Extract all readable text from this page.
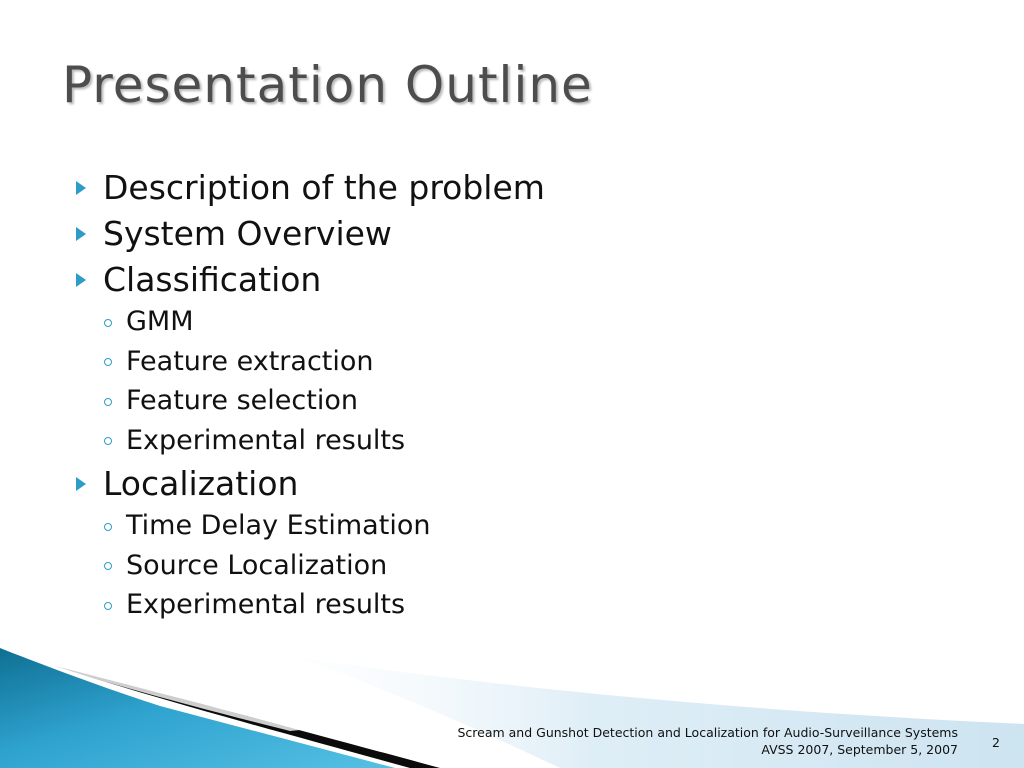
Presentation Outline
Description of the problem
System Overview
Classification
GMM
Feature extraction
Feature selection
Experimental results
Localization
Time Delay Estimation
Source Localization
Experimental results
Scream and Gunshot Detection and Localization for Audio-Surveillance Systems
AVSS 2007, September 5, 2007	2
